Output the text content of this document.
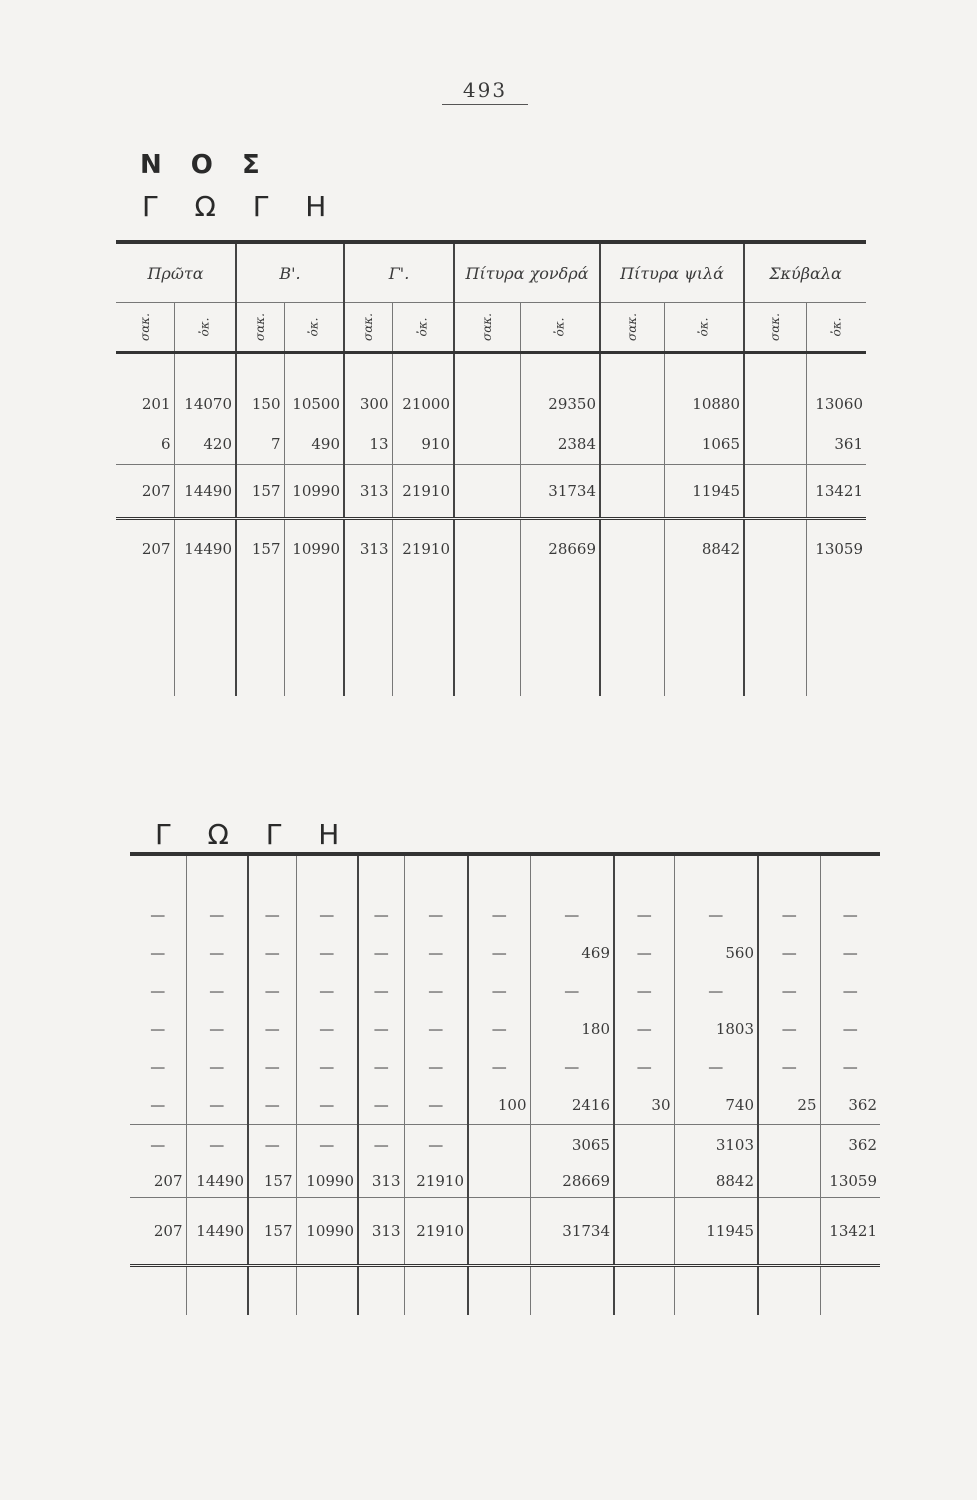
493
Ν Ο Σ
Γ Ω Γ Η
Πρῶτα		Β'.		Γ'.		Πίτυρα χονδρά		Πίτυρα ψιλά		Σκύβαλα	
σακ.	ὀκ.	σακ.	ὀκ.	σακ.	ὀκ.	σακ.	ὀκ.	σακ.	ὀκ.	σακ.	ὀκ.

201	14070	150	10500	300	21000		29350		10880		13060
6	420	7	490	13	910		2384		1065		361
207	14490	157	10990	313	21910		31734		11945		13421
207	14490	157	10990	313	21910		28669		8842		13059

Γ Ω Γ Η

—	—	—	—	—	—	—	—	—	—	—	—
—	—	—	—	—	—	—	469	—	560	—	—
—	—	—	—	—	—	—	—	—	—	—	—
—	—	—	—	—	—	—	180	—	1803	—	—
—	—	—	—	—	—	—	—	—	—	—	—
—	—	—	—	—	—	100	2416	30	740	25	362
—	—	—	—	—	—		3065		3103		362
207	14490	157	10990	313	21910		28669		8842		13059
207	14490	157	10990	313	21910		31734		11945		13421
